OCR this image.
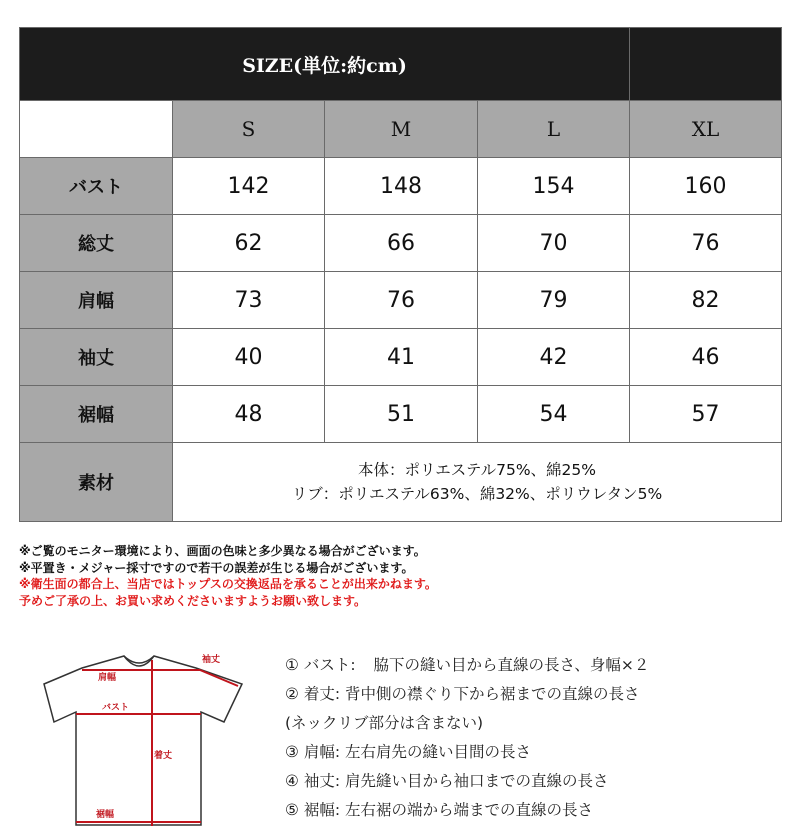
SIZE(単位:約cm)				
	S	M	L	XL
バスト	142	148	154	160
総丈	62	66	70	76
肩幅	73	76	79	82
袖丈	40	41	42	46
裾幅	48	51	54	57
素材	本体：ポリエステル75%、綿25%
リブ：ポリエステル63%、綿32%、ポリウレタン5%			
※ご覧のモニター環境により、画面の色味と多少異なる場合がございます。
※平置き・メジャー採寸ですので若干の誤差が生じる場合がございます。
※衛生面の都合上、当店ではトップスの交換返品を承ることが出来かねます。
予めご了承の上、お買い求めくださいますようお願い致します。
袖丈
肩幅
バスト
着丈
裾幅
① バスト: 脇下の縫い目から直線の長さ、身幅×２
② 着丈: 背中側の襟ぐり下から裾までの直線の長さ
(ネックリブ部分は含まない)
③ 肩幅: 左右肩先の縫い目間の長さ
④ 袖丈: 肩先縫い目から袖口までの直線の長さ
⑤ 裾幅: 左右裾の端から端までの直線の長さ
